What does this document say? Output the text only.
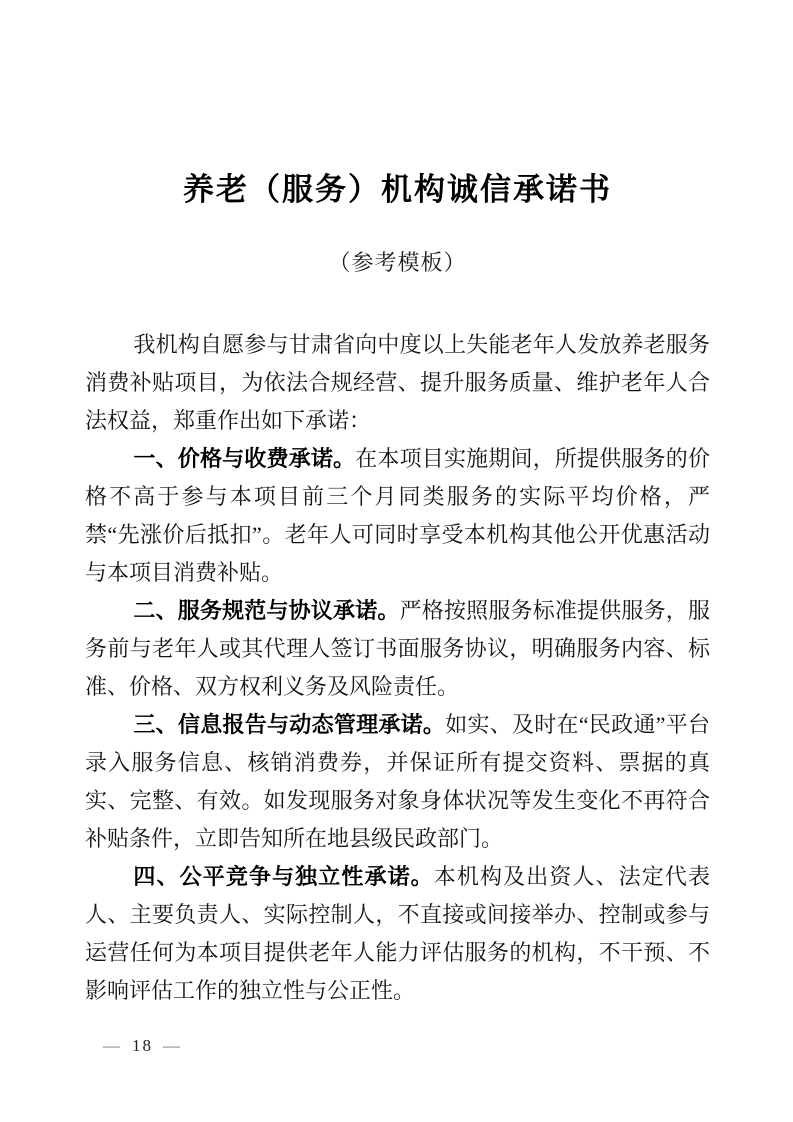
养老（服务）机构诚信承诺书
（参考模板）

我机构自愿参与甘肃省向中度以上失能老年人发放养老服务消费补贴项目，为依法合规经营、提升服务质量、维护老年人合法权益，郑重作出如下承诺：

一、价格与收费承诺。在本项目实施期间，所提供服务的价格不高于参与本项目前三个月同类服务的实际平均价格，严禁“先涨价后抵扣”。老年人可同时享受本机构其他公开优惠活动与本项目消费补贴。

二、服务规范与协议承诺。严格按照服务标准提供服务，服务前与老年人或其代理人签订书面服务协议，明确服务内容、标准、价格、双方权利义务及风险责任。

三、信息报告与动态管理承诺。如实、及时在“民政通”平台录入服务信息、核销消费券，并保证所有提交资料、票据的真实、完整、有效。如发现服务对象身体状况等发生变化不再符合补贴条件，立即告知所在地县级民政部门。

四、公平竞争与独立性承诺。本机构及出资人、法定代表人、主要负责人、实际控制人，不直接或间接举办、控制或参与运营任何为本项目提供老年人能力评估服务的机构，不干预、不影响评估工作的独立性与公正性。

— 18 —
